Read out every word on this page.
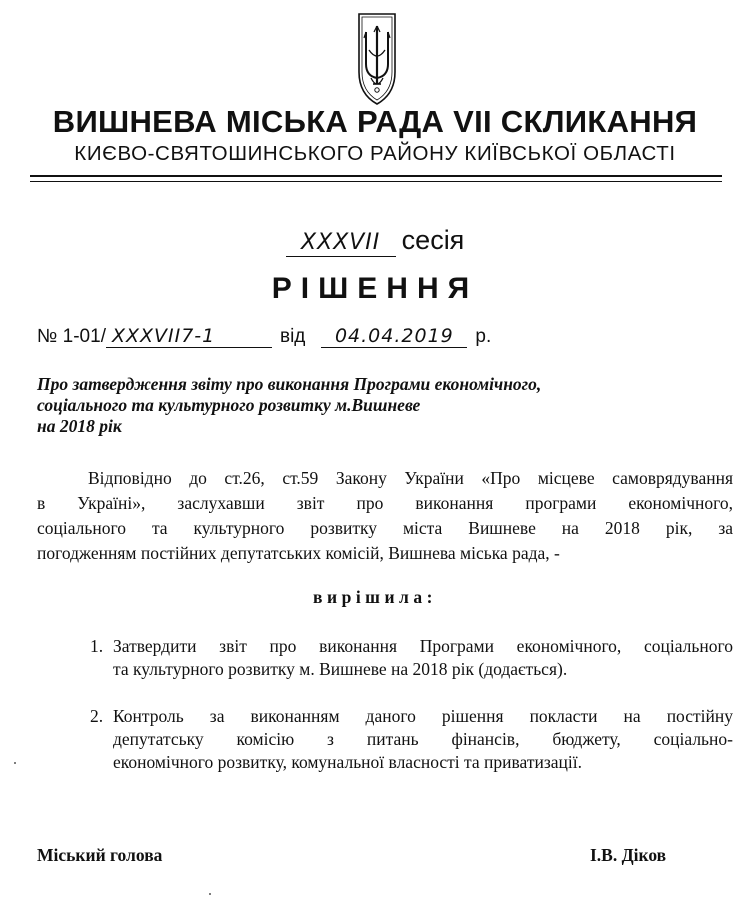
ВИШНЕВА МІСЬКА РАДА VII СКЛИКАННЯ
КИЄВО-СВЯТОШИНСЬКОГО РАЙОНУ КИЇВСЬКОЇ ОБЛАСТІ
XXXVII сесія
РІШЕННЯ
№ 1-01/ XXXVII7-1	від 04.04.2019 р.
Про затвердження звіту про виконання Програми економічного,
соціального та культурного розвитку м.Вишневе
на 2018 рік
Відповідно до ст.26, ст.59 Закону України «Про місцеве самоврядування
в Україні», заслухавши звіт про виконання програми економічного,
соціального та культурного розвитку міста Вишневе на 2018 рік, за
погодженням постійних депутатських комісій, Вишнева міська рада, -
вирішила:
1. Затвердити звіт про виконання Програми економічного, соціального
та культурного розвитку м. Вишневе на 2018 рік (додається).
2. Контроль за виконанням даного рішення покласти на постійну
депутатську комісію з питань фінансів, бюджету, соціально-
економічного розвитку, комунальної власності та приватизації.
Міський голова	І.В. Діков
